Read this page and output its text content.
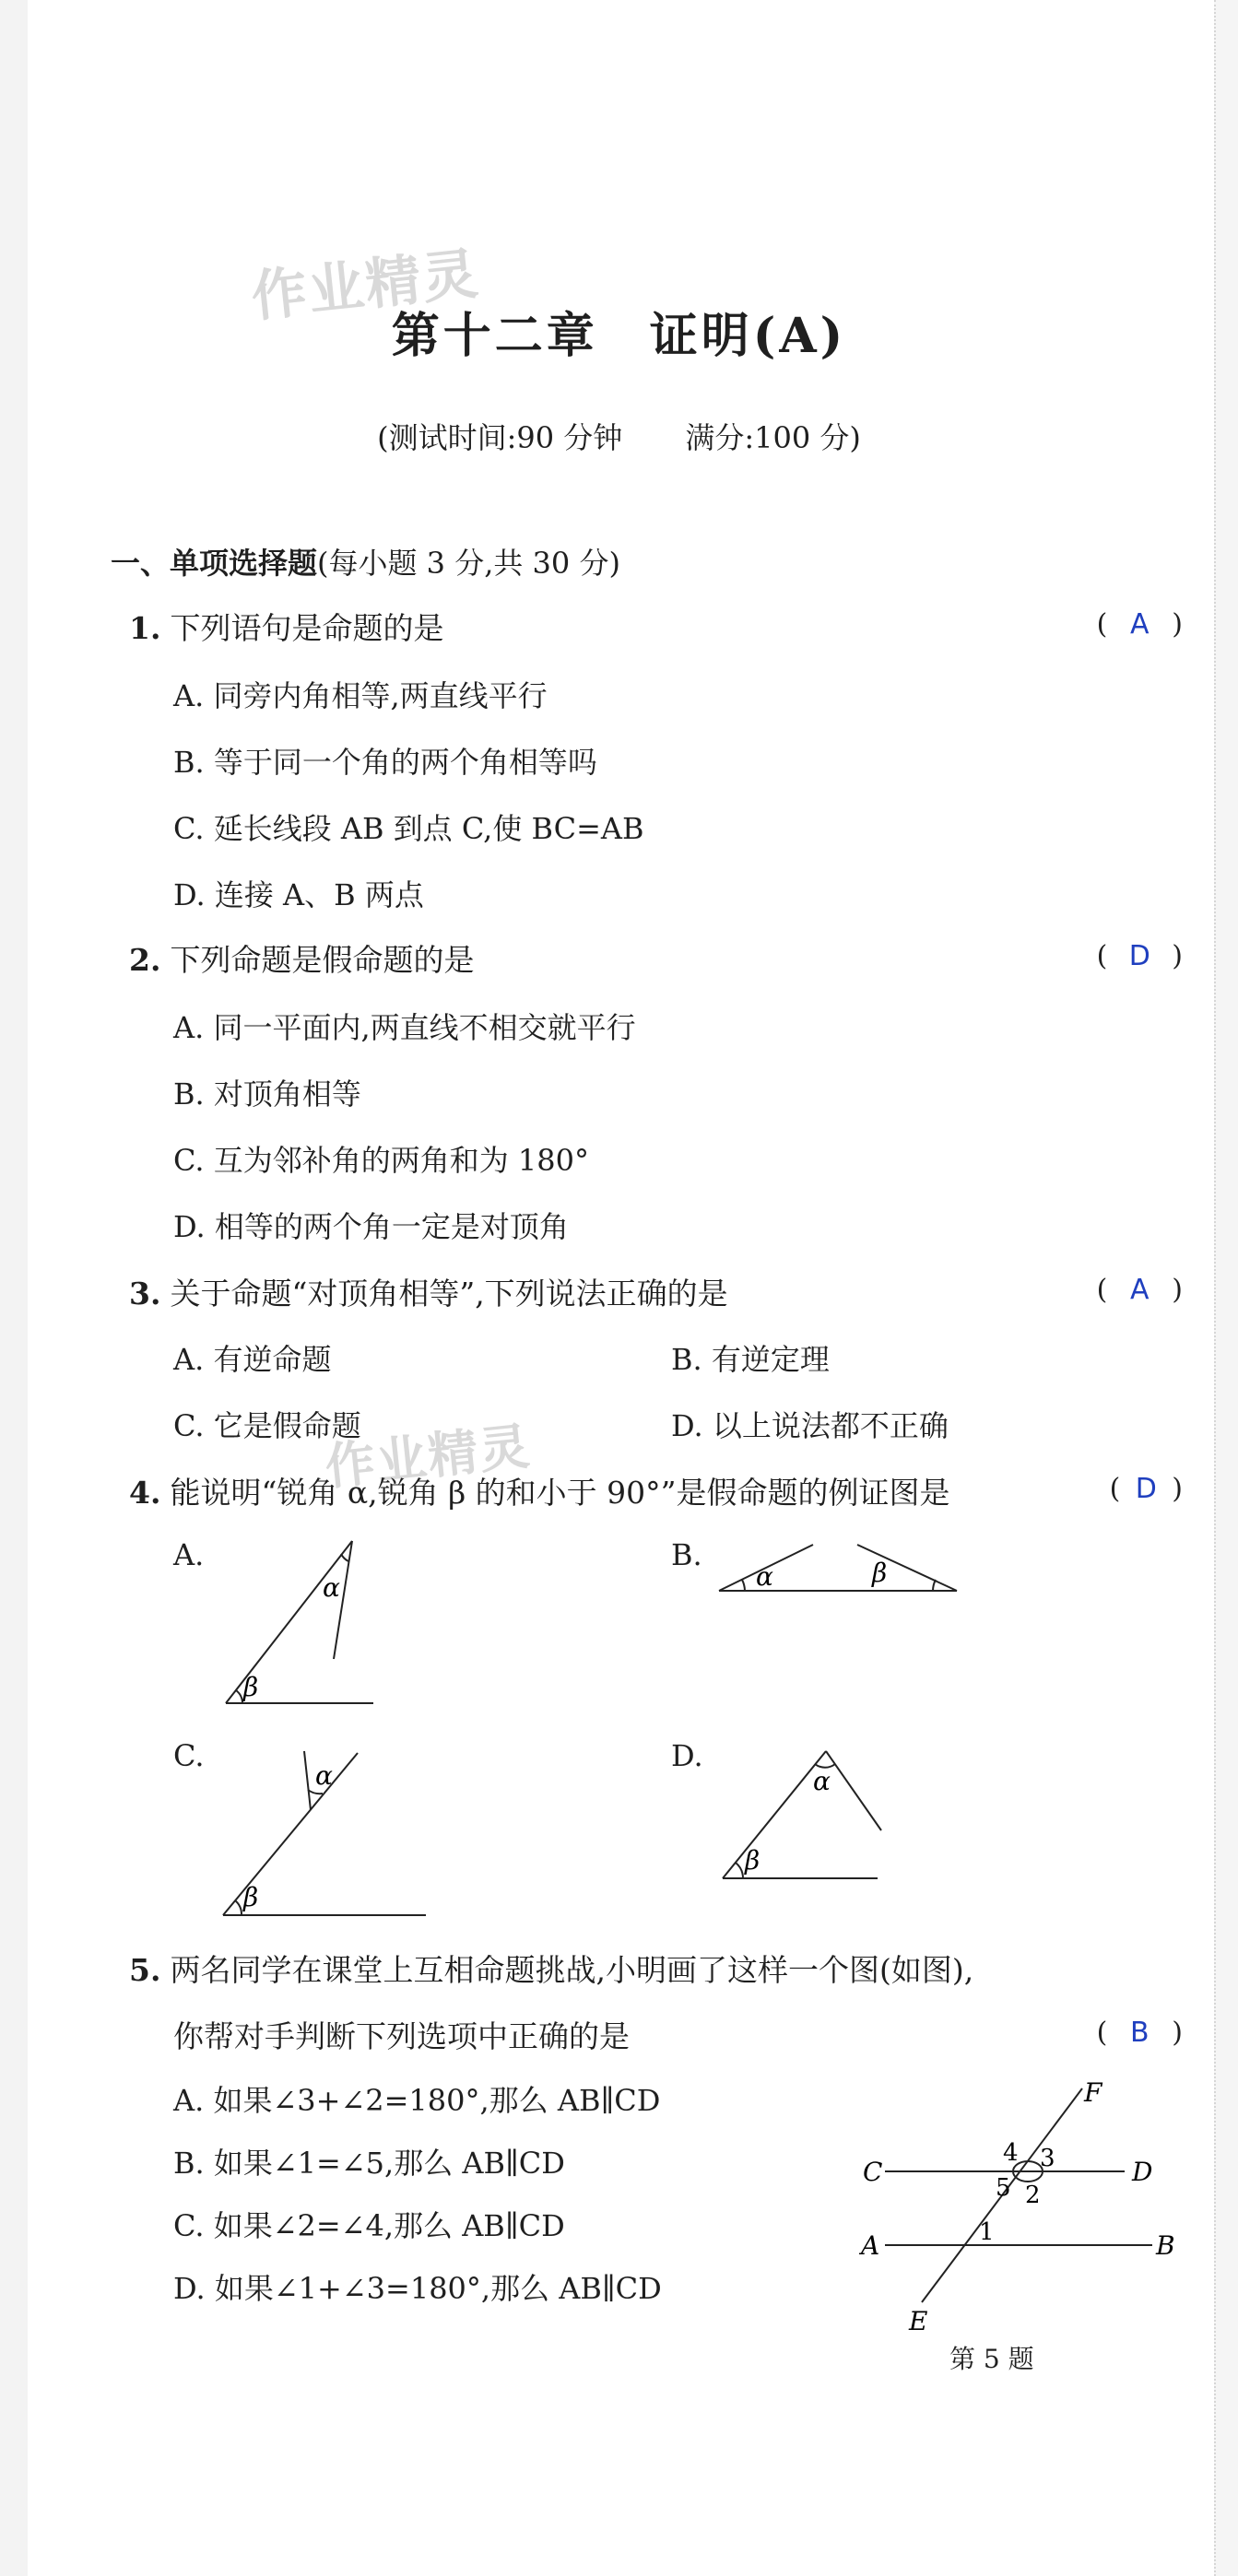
作业精灵
作业精灵
第十二章　证明(A)
(测试时间:90 分钟 满分:100 分)
一、单项选择题(每小题 3 分,共 30 分)
1. 下列语句是命题的是	( A )
A. 同旁内角相等,两直线平行
B. 等于同一个角的两个角相等吗
C. 延长线段 AB 到点 C,使 BC=AB
D. 连接 A、B 两点
2. 下列命题是假命题的是	( D )
A. 同一平面内,两直线不相交就平行
B. 对顶角相等
C. 互为邻补角的两角和为 180°
D. 相等的两个角一定是对顶角
3. 关于命题“对顶角相等”,下列说法正确的是	( A )
A. 有逆命题	B. 有逆定理
C. 它是假命题	D. 以上说法都不正确
4. 能说明“锐角 α,锐角 β 的和小于 90°”是假命题的例证图是	( D )
A.	B.
C.	D.
β
α	α	β
β
α
β
α
5. 两名同学在课堂上互相命题挑战,小明画了这样一个图(如图),
你帮对手判断下列选项中正确的是	( B )
A. 如果∠3+∠2=180°,那么 AB∥CD
B. 如果∠1=∠5,那么 AB∥CD
C. 如果∠2=∠4,那么 AB∥CD
D. 如果∠1+∠3=180°,那么 AB∥CD
F
C	D
A	B
E
4 3
5 2
1
第 5 题
